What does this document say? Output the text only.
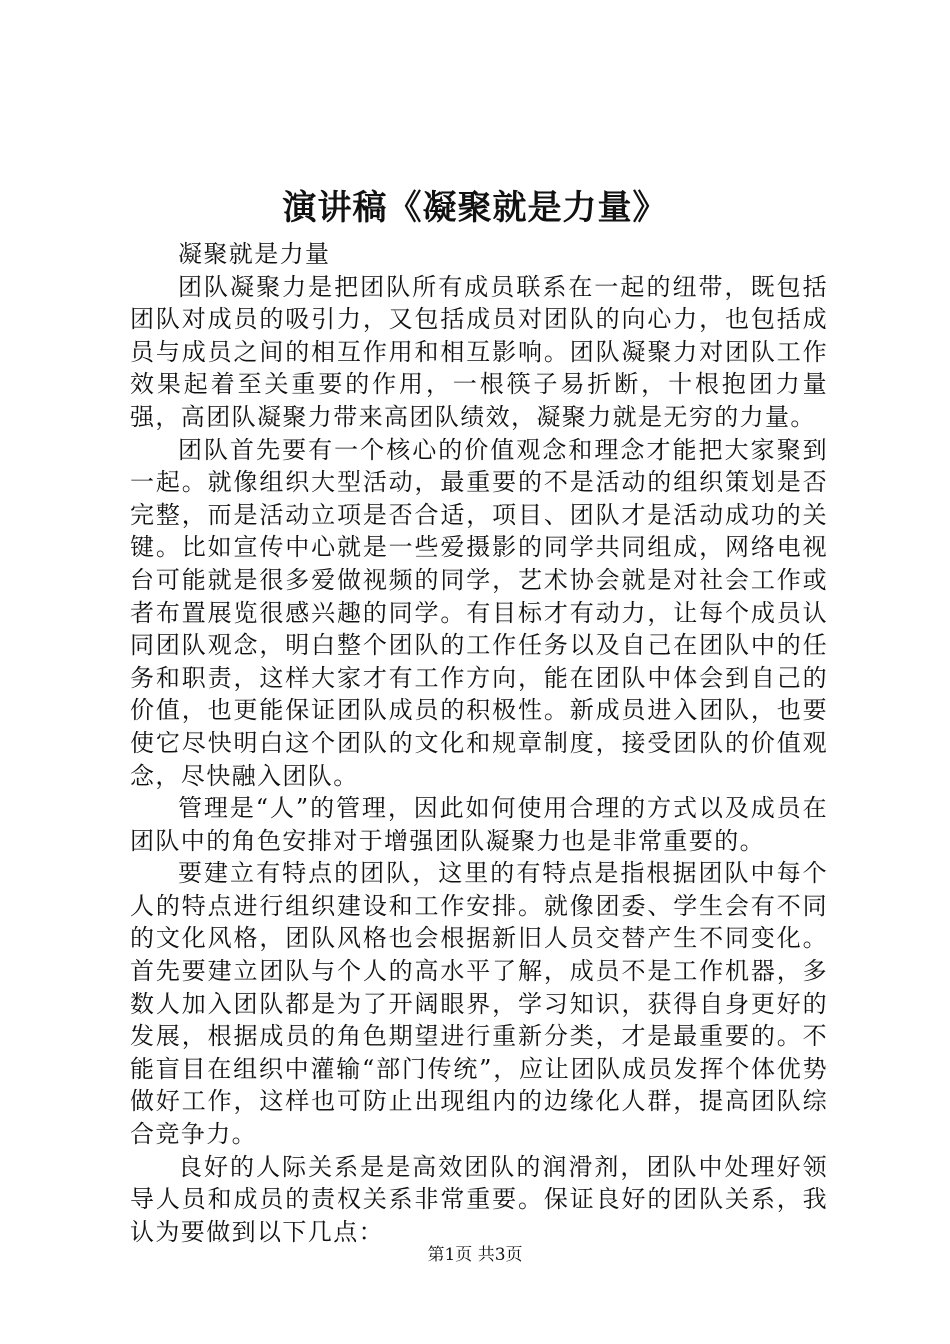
演讲稿《凝聚就是力量》

凝聚就是力量

团队凝聚力是把团队所有成员联系在一起的纽带，既包括团队对成员的吸引力，又包括成员对团队的向心力，也包括成员与成员之间的相互作用和相互影响。团队凝聚力对团队工作效果起着至关重要的作用，一根筷子易折断，十根抱团力量强，高团队凝聚力带来高团队绩效，凝聚力就是无穷的力量。

团队首先要有一个核心的价值观念和理念才能把大家聚到一起。就像组织大型活动，最重要的不是活动的组织策划是否完整，而是活动立项是否合适，项目、团队才是活动成功的关键。比如宣传中心就是一些爱摄影的同学共同组成，网络电视台可能就是很多爱做视频的同学，艺术协会就是对社会工作或者布置展览很感兴趣的同学。有目标才有动力，让每个成员认同团队观念，明白整个团队的工作任务以及自己在团队中的任务和职责，这样大家才有工作方向，能在团队中体会到自己的价值，也更能保证团队成员的积极性。新成员进入团队，也要使它尽快明白这个团队的文化和规章制度，接受团队的价值观念，尽快融入团队。

管理是“人”的管理，因此如何使用合理的方式以及成员在团队中的角色安排对于增强团队凝聚力也是非常重要的。

要建立有特点的团队，这里的有特点是指根据团队中每个人的特点进行组织建设和工作安排。就像团委、学生会有不同的文化风格，团队风格也会根据新旧人员交替产生不同变化。首先要建立团队与个人的高水平了解，成员不是工作机器，多数人加入团队都是为了开阔眼界，学习知识，获得自身更好的发展，根据成员的角色期望进行重新分类，才是最重要的。不能盲目在组织中灌输“部门传统”，应让团队成员发挥个体优势做好工作，这样也可防止出现组内的边缘化人群，提高团队综合竞争力。

良好的人际关系是是高效团队的润滑剂，团队中处理好领导人员和成员的责权关系非常重要。保证良好的团队关系，我认为要做到以下几点：

第1页 共3页
